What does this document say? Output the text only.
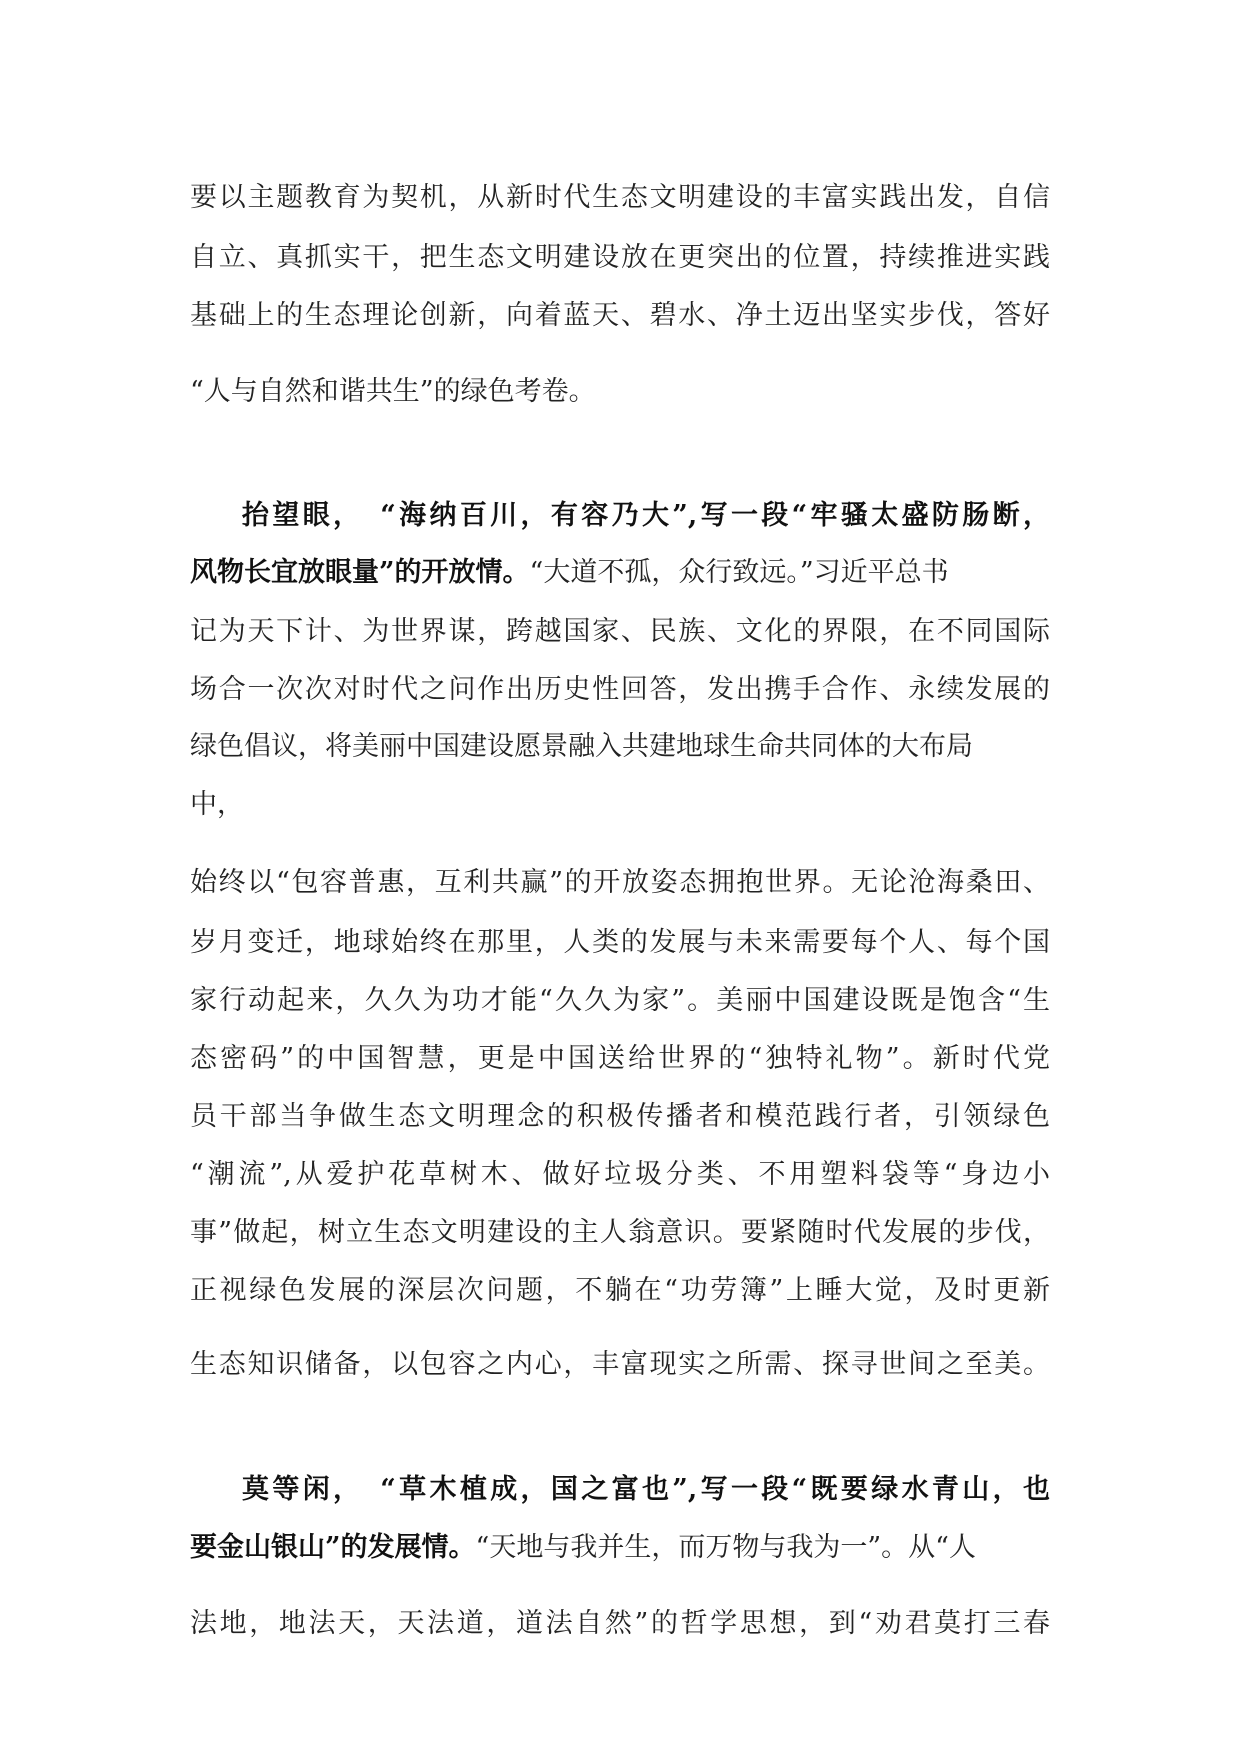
要以主题教育为契机，从新时代生态文明建设的丰富实践出发，自信
自立、真抓实干，把生态文明建设放在更突出的位置，持续推进实践
基础上的生态理论创新，向着蓝天、碧水、净土迈出坚实步伐，答好
“人与自然和谐共生”的绿色考卷。
抬望眼，　“海纳百川，有容乃大”,写一段“牢骚太盛防肠断，
风物长宜放眼量”的开放情。“大道不孤，众行致远。”习近平总书
记为天下计、为世界谋，跨越国家、民族、文化的界限，在不同国际
场合一次次对时代之问作出历史性回答，发出携手合作、永续发展的
绿色倡议，将美丽中国建设愿景融入共建地球生命共同体的大布局
中，
始终以“包容普惠，互利共赢”的开放姿态拥抱世界。无论沧海桑田、
岁月变迁，地球始终在那里，人类的发展与未来需要每个人、每个国
家行动起来，久久为功才能“久久为家”。美丽中国建设既是饱含“生
态密码”的中国智慧，更是中国送给世界的“独特礼物”。新时代党
员干部当争做生态文明理念的积极传播者和模范践行者，引领绿色
“潮流”,从爱护花草树木、做好垃圾分类、不用塑料袋等“身边小
事”做起，树立生态文明建设的主人翁意识。要紧随时代发展的步伐，
正视绿色发展的深层次问题，不躺在“功劳簿”上睡大觉，及时更新
生态知识储备，以包容之内心，丰富现实之所需、探寻世间之至美。
莫等闲，　“草木植成，国之富也”,写一段“既要绿水青山，也
要金山银山”的发展情。“天地与我并生，而万物与我为一”。从“人
法地，地法天，天法道，道法自然”的哲学思想，到“劝君莫打三春
